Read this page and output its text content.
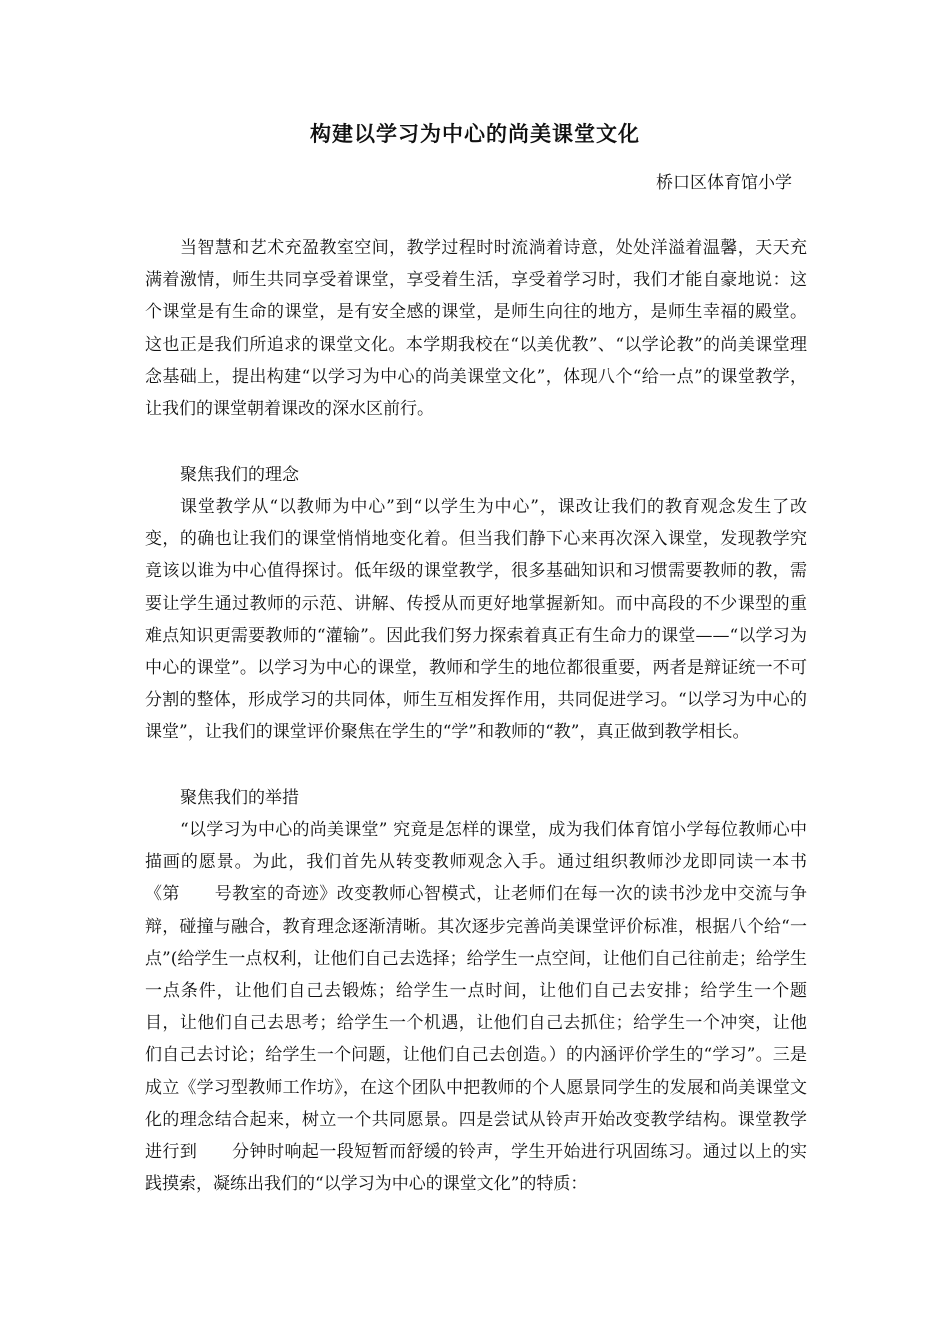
构建以学习为中心的尚美课堂文化

桥口区体育馆小学

当智慧和艺术充盈教室空间，教学过程时时流淌着诗意，处处洋溢着温馨，天天充满着激情，师生共同享受着课堂，享受着生活，享受着学习时，我们才能自豪地说：这个课堂是有生命的课堂，是有安全感的课堂，是师生向往的地方，是师生幸福的殿堂。这也正是我们所追求的课堂文化。本学期我校在“以美优教”、“以学论教”的尚美课堂理念基础上，提出构建“以学习为中心的尚美课堂文化”，体现八个“给一点”的课堂教学，让我们的课堂朝着课改的深水区前行。

聚焦我们的理念

课堂教学从“以教师为中心”到“以学生为中心”，课改让我们的教育观念发生了改变，的确也让我们的课堂悄悄地变化着。但当我们静下心来再次深入课堂，发现教学究竟该以谁为中心值得探讨。低年级的课堂教学，很多基础知识和习惯需要教师的教，需要让学生通过教师的示范、讲解、传授从而更好地掌握新知。而中高段的不少课型的重难点知识更需要教师的“灌输”。因此我们努力探索着真正有生命力的课堂——“以学习为中心的课堂”。以学习为中心的课堂，教师和学生的地位都很重要，两者是辩证统一不可分割的整体，形成学习的共同体，师生互相发挥作用，共同促进学习。“以学习为中心的课堂”，让我们的课堂评价聚焦在学生的“学”和教师的“教”，真正做到教学相长。

聚焦我们的举措

“以学习为中心的尚美课堂” 究竟是怎样的课堂，成为我们体育馆小学每位教师心中描画的愿景。为此，我们首先从转变教师观念入手。通过组织教师沙龙即同读一本书《第　　号教室的奇迹》改变教师心智模式，让老师们在每一次的读书沙龙中交流与争辩，碰撞与融合，教育理念逐渐清晰。其次逐步完善尚美课堂评价标准，根据八个给“一点”(给学生一点权利，让他们自己去选择；给学生一点空间，让他们自己往前走；给学生一点条件，让他们自己去锻炼；给学生一点时间，让他们自己去安排；给学生一个题目，让他们自己去思考；给学生一个机遇，让他们自己去抓住；给学生一个冲突，让他们自己去讨论；给学生一个问题，让他们自己去创造。）的内涵评价学生的“学习”。三是成立《学习型教师工作坊》，在这个团队中把教师的个人愿景同学生的发展和尚美课堂文化的理念结合起来，树立一个共同愿景。四是尝试从铃声开始改变教学结构。课堂教学进行到　　分钟时响起一段短暂而舒缓的铃声，学生开始进行巩固练习。通过以上的实践摸索，凝练出我们的“以学习为中心的课堂文化”的特质：
